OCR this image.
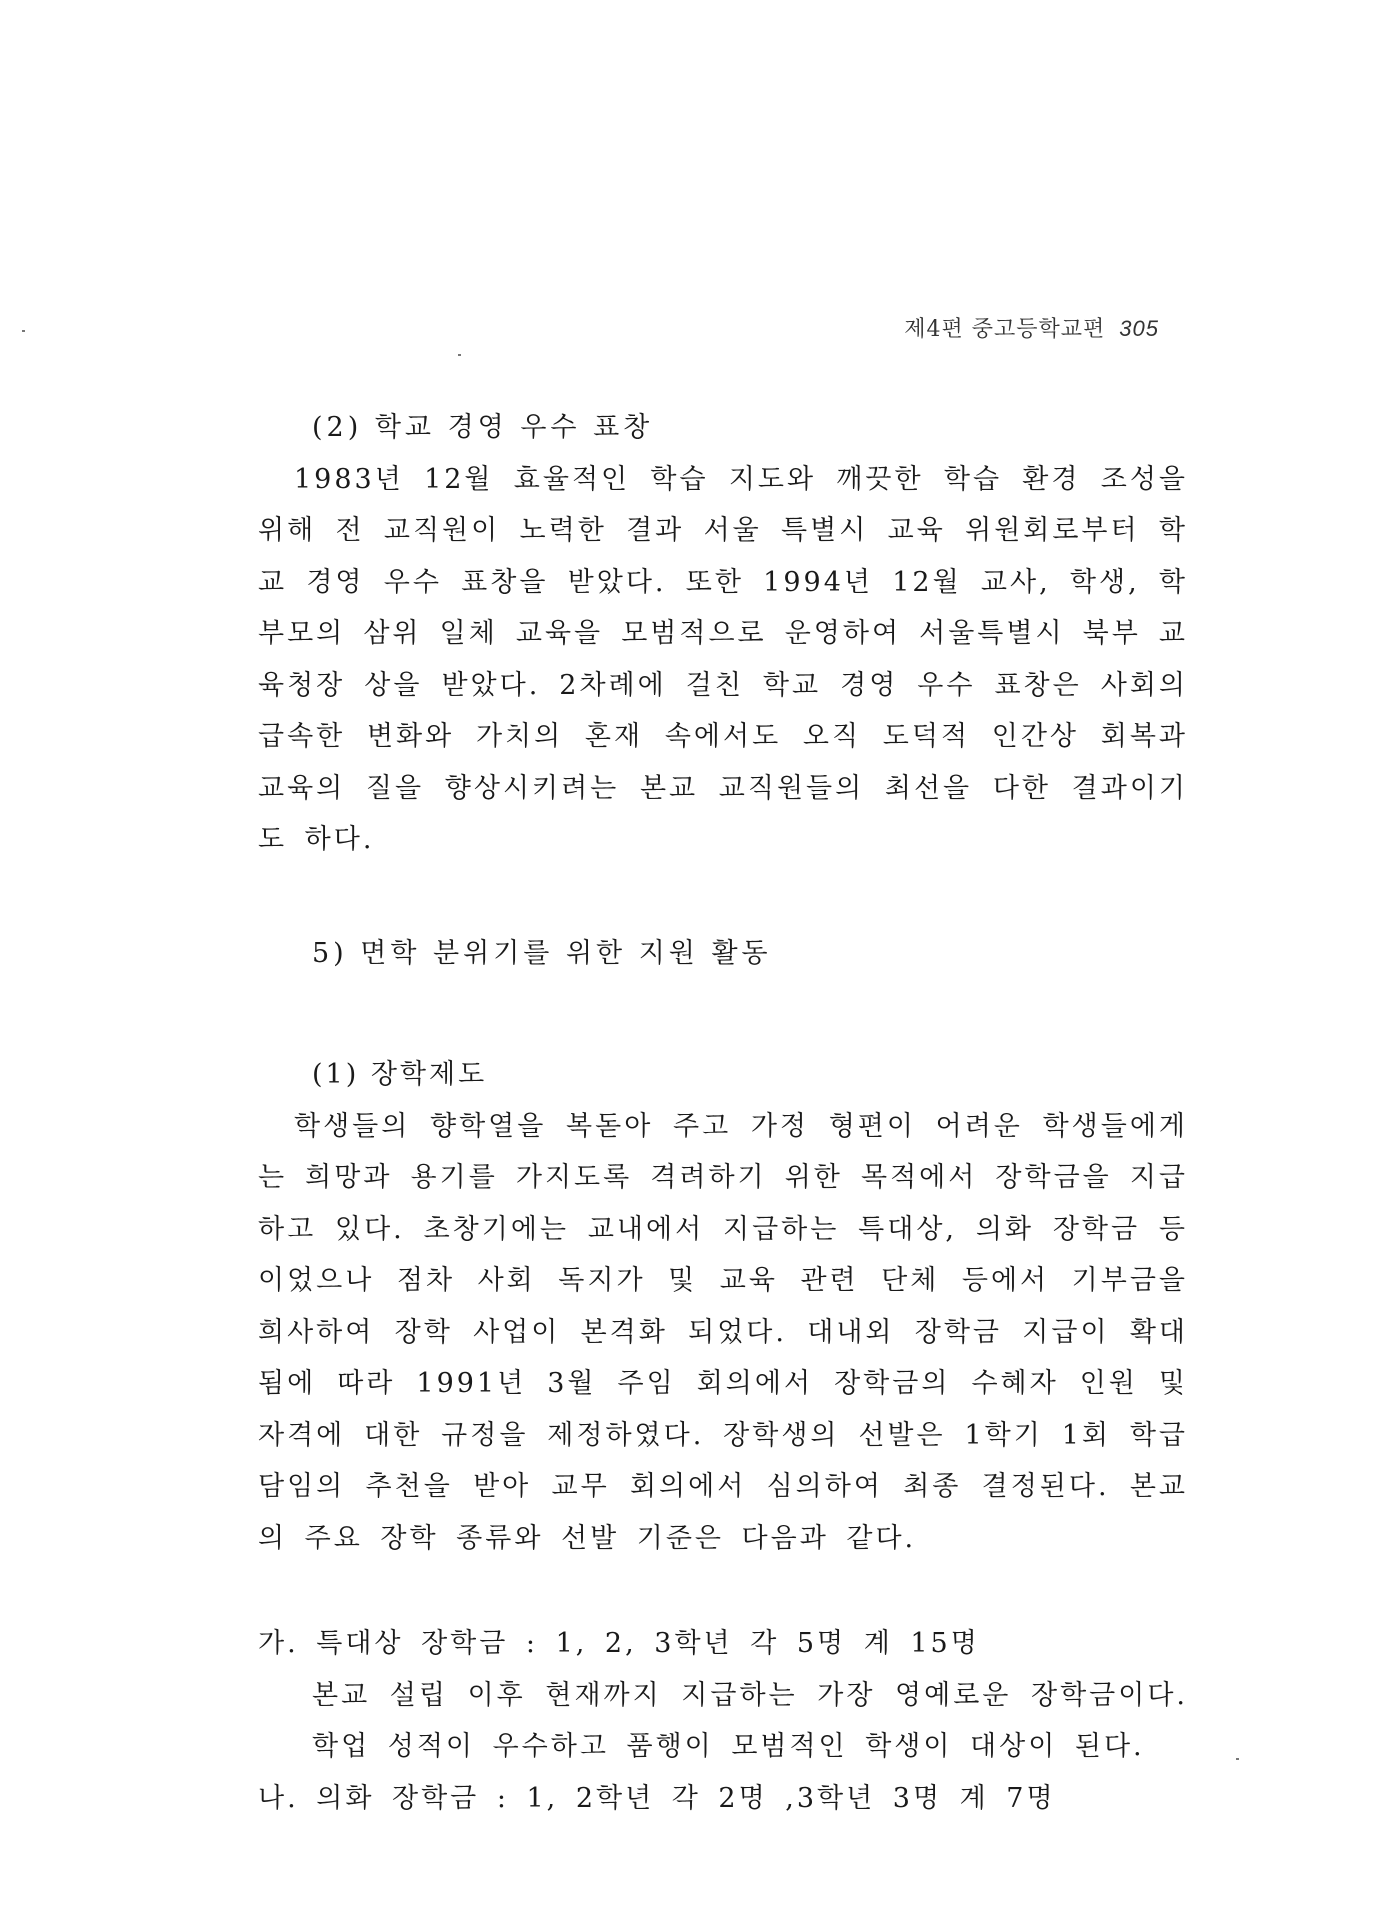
제4편 중고등학교편 305
(2) 학교 경영 우수 표창

1983년 12월 효율적인 학습 지도와 깨끗한 학습 환경 조성을 위해 전 교직원이 노력한 결과 서울 특별시 교육 위원회로부터 학교 경영 우수 표창을 받았다. 또한 1994년 12월 교사, 학생, 학부모의 삼위 일체 교육을 모범적으로 운영하여 서울특별시 북부 교육청장 상을 받았다. 2차례에 걸친 학교 경영 우수 표창은 사회의 급속한 변화와 가치의 혼재 속에서도 오직 도덕적 인간상 회복과 교육의 질을 향상시키려는 본교 교직원들의 최선을 다한 결과이기도 하다.

5) 면학 분위기를 위한 지원 활동
(1) 장학제도

학생들의 향학열을 복돋아 주고 가정 형편이 어려운 학생들에게는 희망과 용기를 가지도록 격려하기 위한 목적에서 장학금을 지급하고 있다. 초창기에는 교내에서 지급하는 특대상, 의화 장학금 등이었으나 점차 사회 독지가 및 교육 관련 단체 등에서 기부금을 희사하여 장학 사업이 본격화 되었다. 대내외 장학금 지급이 확대 됨에 따라 1991년 3월 주임 회의에서 장학금의 수혜자 인원 및 자격에 대한 규정을 제정하였다. 장학생의 선발은 1학기 1회 학급 담임의 추천을 받아 교무 회의에서 심의하여 최종 결정된다. 본교의 주요 장학 종류와 선발 기준은 다음과 같다.

가. 특대상 장학금 : 1, 2, 3학년 각 5명 계 15명
본교 설립 이후 현재까지 지급하는 가장 영예로운 장학금이다.학업 성적이 우수하고 품행이 모범적인 학생이 대상이 된다.
나. 의화 장학금 : 1, 2학년 각 2명 ,3학년 3명 계 7명
